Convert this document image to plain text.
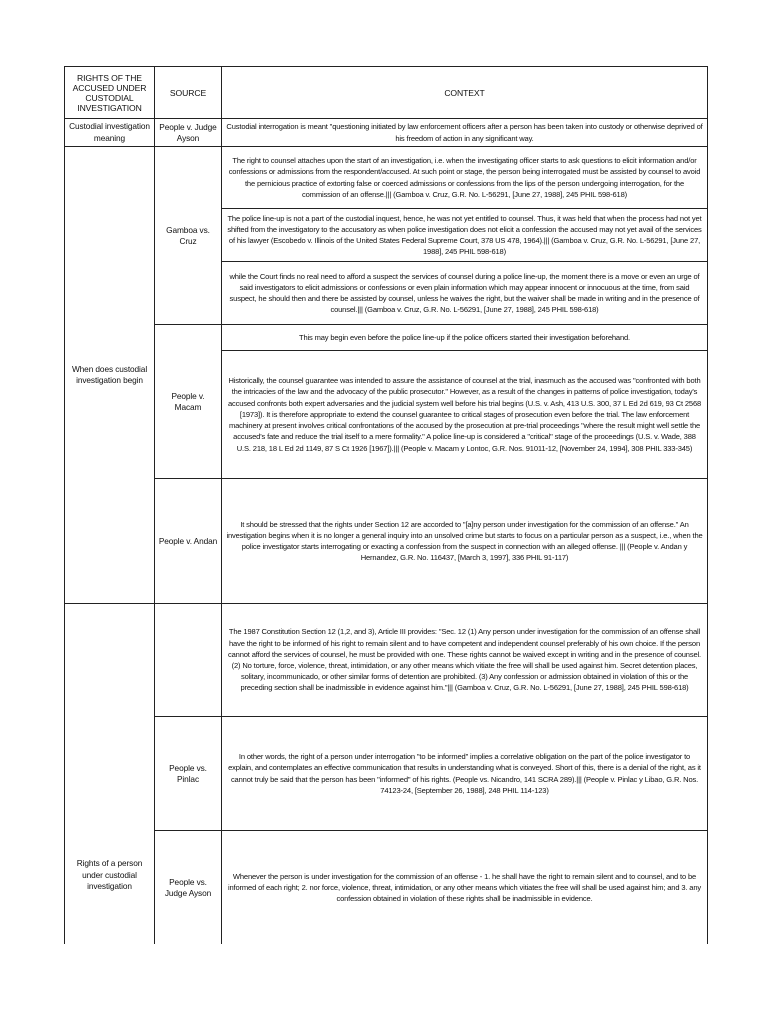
RIGHTS OF THE ACCUSED UNDER CUSTODIAL INVESTIGATION
SOURCE	CONTEXT
Custodial investigation meaning
When does custodial investigation begin
Rights of a person under custodial investigation
People v. Judge Ayson
Gamboa vs. Cruz
People v. Macam
People v. Andan
People vs. Pinlac
People vs. Judge Ayson
Custodial interrogation is meant "questioning initiated by law enforcement officers after a person has been taken into custody or otherwise deprived of his freedom of action in any significant way.
The right to counsel attaches upon the start of an investigation, i.e. when the investigating officer starts to ask questions to elicit information and/or confessions or admissions from the respondent/accused. At such point or stage, the person being interrogated must be assisted by counsel to avoid the pernicious practice of extorting false or coerced admissions or confessions from the lips of the person undergoing interrogation, for the commission of an offense.||| (Gamboa v. Cruz, G.R. No. L-56291, [June 27, 1988], 245 PHIL 598-618)
The police line-up is not a part of the custodial inquest, hence, he was not yet entitled to counsel. Thus, it was held that when the process had not yet shifted from the investigatory to the accusatory as when police investigation does not elicit a confession the accused may not yet avail of the services of his lawyer (Escobedo v. Illinois of the United States Federal Supreme Court, 378 US 478, 1964).||| (Gamboa v. Cruz, G.R. No. L-56291, [June 27, 1988], 245 PHIL 598-618)
while the Court finds no real need to afford a suspect the services of counsel during a police line-up, the moment there is a move or even an urge of said investigators to elicit admissions or confessions or even plain information which may appear innocent or innocuous at the time, from said suspect, he should then and there be assisted by counsel, unless he waives the right, but the waiver shall be made in writing and in the presence of counsel.||| (Gamboa v. Cruz, G.R. No. L-56291, [June 27, 1988], 245 PHIL 598-618)
This may begin even before the police line-up if the police officers started their investigation beforehand.
Historically, the counsel guarantee was intended to assure the assistance of counsel at the trial, inasmuch as the accused was "confronted with both the intricacies of the law and the advocacy of the public prosecutor." However, as a result of the changes in patterns of police investigation, today's accused confronts both expert adversaries and the judicial system well before his trial begins (U.S. v. Ash, 413 U.S. 300, 37 L Ed 2d 619, 93 Ct 2568 [1973]). It is therefore appropriate to extend the counsel guarantee to critical stages of prosecution even before the trial. The law enforcement machinery at present involves critical confrontations of the accused by the prosecution at pre-trial proceedings "where the result might well settle the accused's fate and reduce the trial itself to a mere formality." A police line-up is considered a "critical" stage of the proceedings (U.S. v. Wade, 388 U.S. 218, 18 L Ed 2d 1149, 87 S Ct 1926 [1967]).||| (People v. Macam y Lontoc, G.R. Nos. 91011-12, [November 24, 1994], 308 PHIL 333-345)
It should be stressed that the rights under Section 12 are accorded to "[a]ny person under investigation for the commission of an offense." An investigation begins when it is no longer a general inquiry into an unsolved crime but starts to focus on a particular person as a suspect, i.e., when the police investigator starts interrogating or exacting a confession from the suspect in connection with an alleged offense. ||| (People v. Andan y Hernandez, G.R. No. 116437, [March 3, 1997], 336 PHIL 91-117)
The 1987 Constitution Section 12 (1,2, and 3), Article III provides: "Sec. 12 (1) Any person under investigation for the commission of an offense shall have the right to be informed of his right to remain silent and to have competent and independent counsel preferably of his own choice. If the person cannot afford the services of counsel, he must be provided with one. These rights cannot be waived except in writing and in the presence of counsel. (2) No torture, force, violence, threat, intimidation, or any other means which vitiate the free will shall be used against him. Secret detention places, solitary, incommunicado, or other similar forms of detention are prohibited. (3) Any confession or admission obtained in violation of this or the preceding section shall be inadmissible in evidence against him."||| (Gamboa v. Cruz, G.R. No. L-56291, [June 27, 1988], 245 PHIL 598-618)
In other words, the right of a person under interrogation "to be informed" implies a correlative obligation on the part of the police investigator to explain, and contemplates an effective communication that results in understanding what is conveyed. Short of this, there is a denial of the right, as it cannot truly be said that the person has been "informed" of his rights. (People vs. Nicandro, 141 SCRA 289).||| (People v. Pinlac y Libao, G.R. Nos. 74123-24, [September 26, 1988], 248 PHIL 114-123)
Whenever the person is under investigation for the commission of an offense - 1. he shall have the right to remain silent and to counsel, and to be informed of each right; 2. nor force, violence, threat, intimidation, or any other means which vitiates the free will shall be used against him; and 3. any confession obtained in violation of these rights shall be inadmissible in evidence.
